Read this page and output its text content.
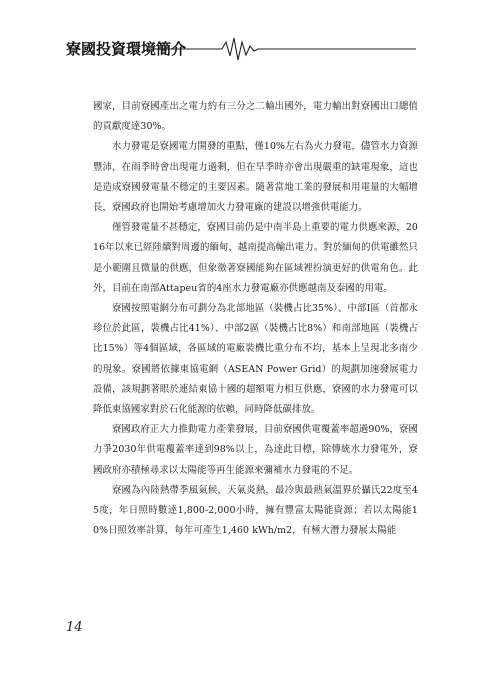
寮國投資環境簡介

國家，目前寮國產出之電力約有三分之二輸出國外，電力輸出對寮國出口總值的貢獻度達30%。

水力發電是寮國電力開發的重點，僅10%左右為火力發電，儘管水力資源豐沛，在雨季時會出現電力過剩，但在旱季時亦會出現嚴重的缺電現象，這也是造成寮國發電量不穩定的主要因素。隨著當地工業的發展和用電量的大幅增長，寮國政府也開始考慮增加火力發電廠的建設以增強供電能力。

僅管發電量不甚穩定，寮國目前仍是中南半島上重要的電力供應來源，2016年以來已經陸續對周邊的緬甸、越南提高輸出電力。對於緬甸的供電雖然只是小範圍且微量的供應，但象徵著寮國能夠在區域裡扮演更好的供電角色。此外，目前在南部Attapeu省的4座水力發電廠亦供應越南及泰國的用電。

寮國按照電網分布可劃分為北部地區（裝機占比35%）、中部I區（首都永珍位於此區，裝機占比41%）、中部2區（裝機占比8%）和南部地區（裝機占比15%）等4個區域，各區域的電廠裝機比重分布不均，基本上呈現北多南少的現象。寮國將依據東協電網（ASEAN Power Grid）的規劃加速發展電力設備，該規劃著眼於連結東協十國的超額電力相互供應，寮國的水力發電可以降低東協國家對於石化能源的依賴，同時降低碳排放。

寮國政府正大力推動電力產業發展，目前寮國供電覆蓋率超過90%，寮國力爭2030年供電覆蓋率達到98%以上，為達此目標，除傳統水力發電外，寮國政府亦積極尋求以太陽能等再生能源來彌補水力發電的不足。

寮國為內陸熱帶季風氣候，天氣炎熱，最冷與最熱氣溫界於攝氏22度至45度，年日照時數達1,800-2,000小時，擁有豐富太陽能資源；若以太陽能10%日照效率計算，每年可產生1,460 kWh/m2，有極大潛力發展太陽能

14
